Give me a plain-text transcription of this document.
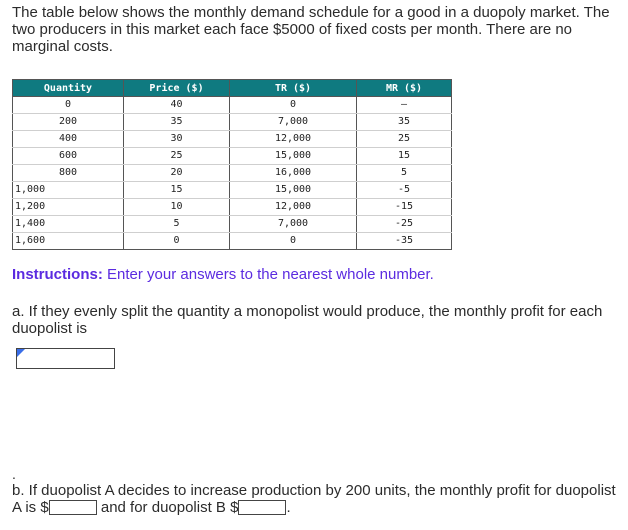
The table below shows the monthly demand schedule for a good in a duopoly market. The two producers in this market each face $5000 of fixed costs per month. There are no marginal costs.

Quantity	Price ($)	TR ($)	MR ($)
0	40	0	—
200	35	7,000	35
400	30	12,000	25
600	25	15,000	15
800	20	16,000	5
1,000	15	15,000	-5
1,200	10	12,000	-15
1,400	5	7,000	-25
1,600	0	0	-35

Instructions: Enter your answers to the nearest whole number.

a. If they evenly split the quantity a monopolist would produce, the monthly profit for each duopolist is

.

b. If duopolist A decides to increase production by 200 units, the monthly profit for duopolist A is $	and for duopolist B $	.
